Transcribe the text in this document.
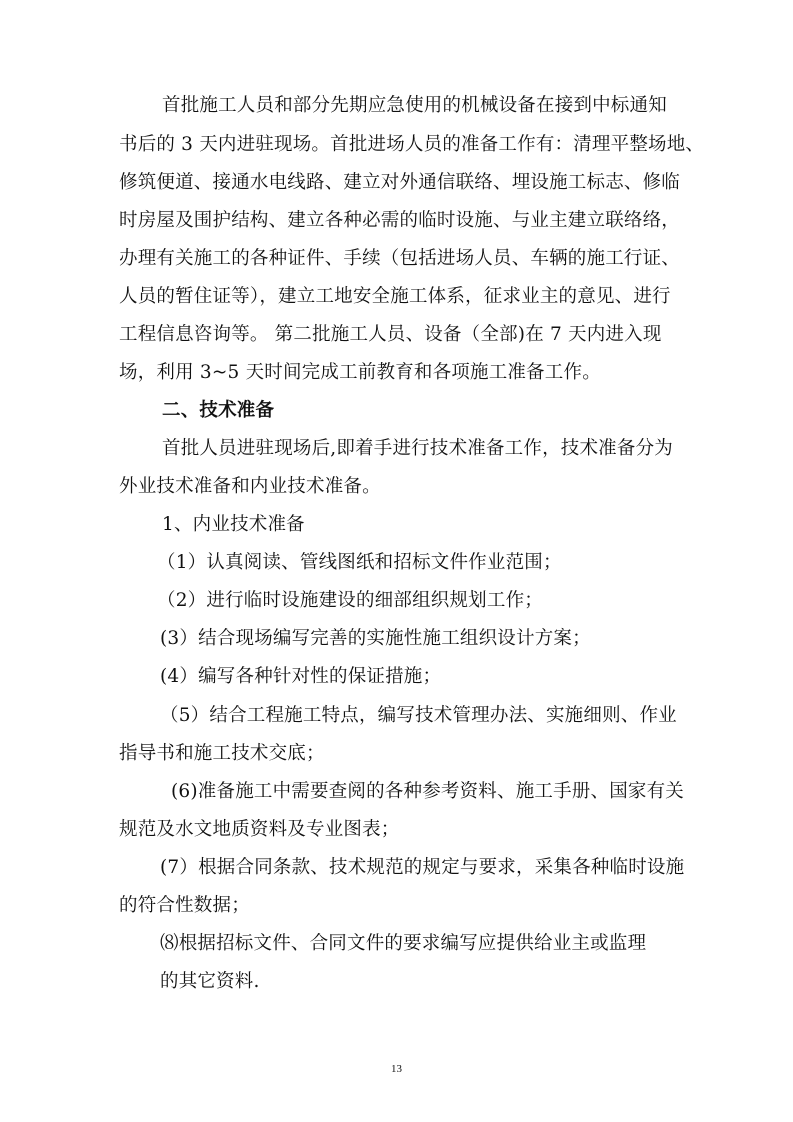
首批施工人员和部分先期应急使用的机械设备在接到中标通知
书后的 3 天内进驻现场。首批进场人员的准备工作有：清理平整场地、
修筑便道、接通水电线路、建立对外通信联络、埋设施工标志、修临
时房屋及围护结构、建立各种必需的临时设施、与业主建立联络络，
办理有关施工的各种证件、手续（包括进场人员、车辆的施工行证、
人员的暂住证等），建立工地安全施工体系，征求业主的意见、进行
工程信息咨询等。 第二批施工人员、设备（全部)在 7 天内进入现
场，利用 3~5 天时间完成工前教育和各项施工准备工作。
二、技术准备
首批人员进驻现场后,即着手进行技术准备工作，技术准备分为
外业技术准备和内业技术准备。
1、内业技术准备
（1）认真阅读、管线图纸和招标文件作业范围；
（2）进行临时设施建设的细部组织规划工作；
(3）结合现场编写完善的实施性施工组织设计方案；
(4）编写各种针对性的保证措施；
（5）结合工程施工特点，编写技术管理办法、实施细则、作业
指导书和施工技术交底；
(6)准备施工中需要查阅的各种参考资料、施工手册、国家有关
规范及水文地质资料及专业图表；
(7）根据合同条款、技术规范的规定与要求，采集各种临时设施
的符合性数据；
⑻根据招标文件、合同文件的要求编写应提供给业主或监理
的其它资料.
13
